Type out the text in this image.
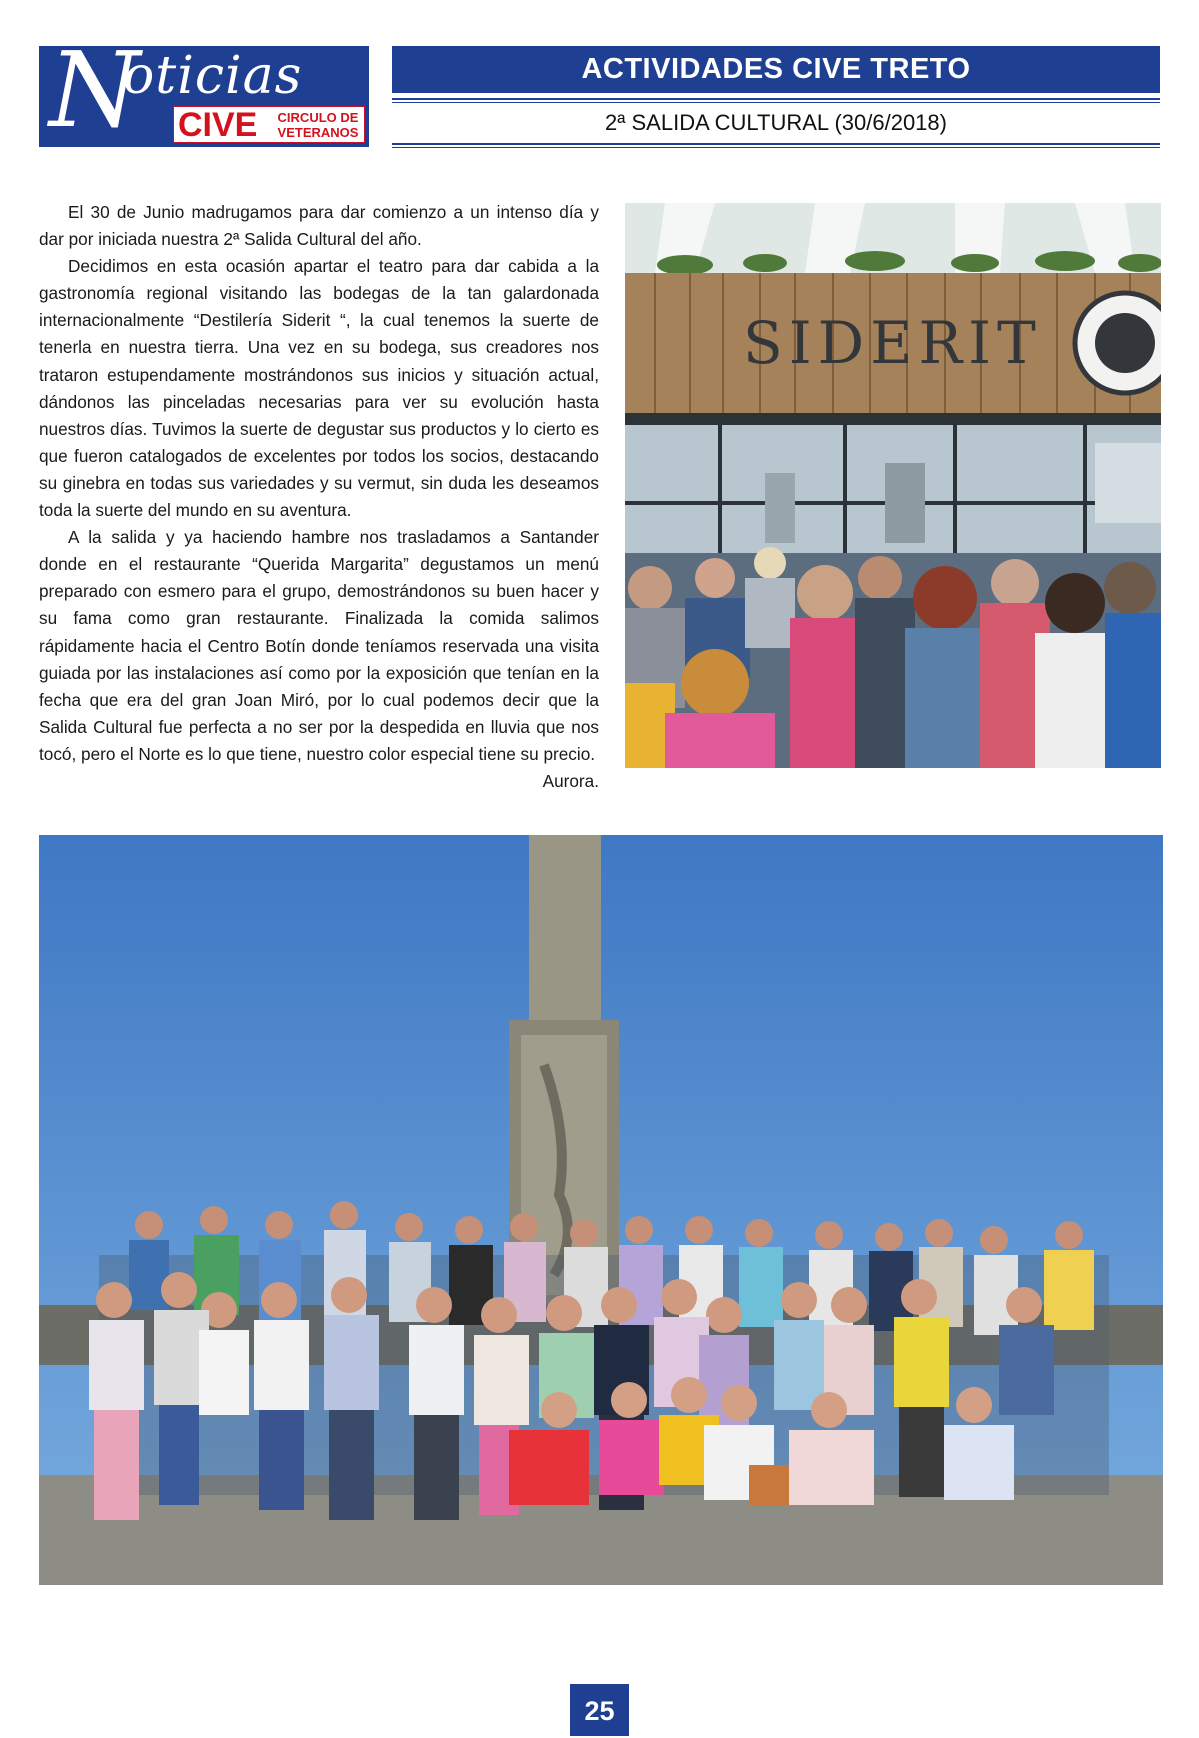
N
oticias
CIVE	CIRCULO DE VETERANOS
ACTIVIDADES CIVE TRETO
2ª SALIDA CULTURAL (30/6/2018)

El 30 de Junio madrugamos para dar comienzo a un intenso día y dar por iniciada nuestra 2ª Salida Cultural del año.

Decidimos en esta ocasión apartar el teatro para dar cabida a la gastronomía regional visitando las bodegas de la tan galardonada internacionalmente “Destilería Siderit “, la cual tenemos la suerte de tenerla en nuestra tierra. Una vez en su bodega, sus creadores nos trataron estupendamente mostrándonos sus inicios y situación actual, dándonos las pinceladas necesarias para ver su evolución hasta nuestros días. Tuvimos la suerte de degustar sus productos y lo cierto es que fueron catalogados de excelentes por todos los socios, destacando su ginebra en todas sus variedades y su vermut, sin duda les deseamos toda la suerte del mundo en su aventura.

A la salida y ya haciendo hambre nos trasladamos a Santander donde en el restaurante “Querida Margarita” degustamos un menú preparado con esmero para el grupo, demostrándonos su buen hacer y su fama como gran restaurante. Finalizada la comida salimos rápidamente hacia el Centro Botín donde teníamos reservada una visita guiada por las instalaciones así como por la exposición que tenían en la fecha que era del gran Joan Miró, por lo cual podemos decir que la Salida Cultural fue perfecta a no ser por la despedida en lluvia que nos tocó, pero el Norte es lo que tiene, nuestro color especial tiene su precio.

Aurora.

SIDERIT
25
